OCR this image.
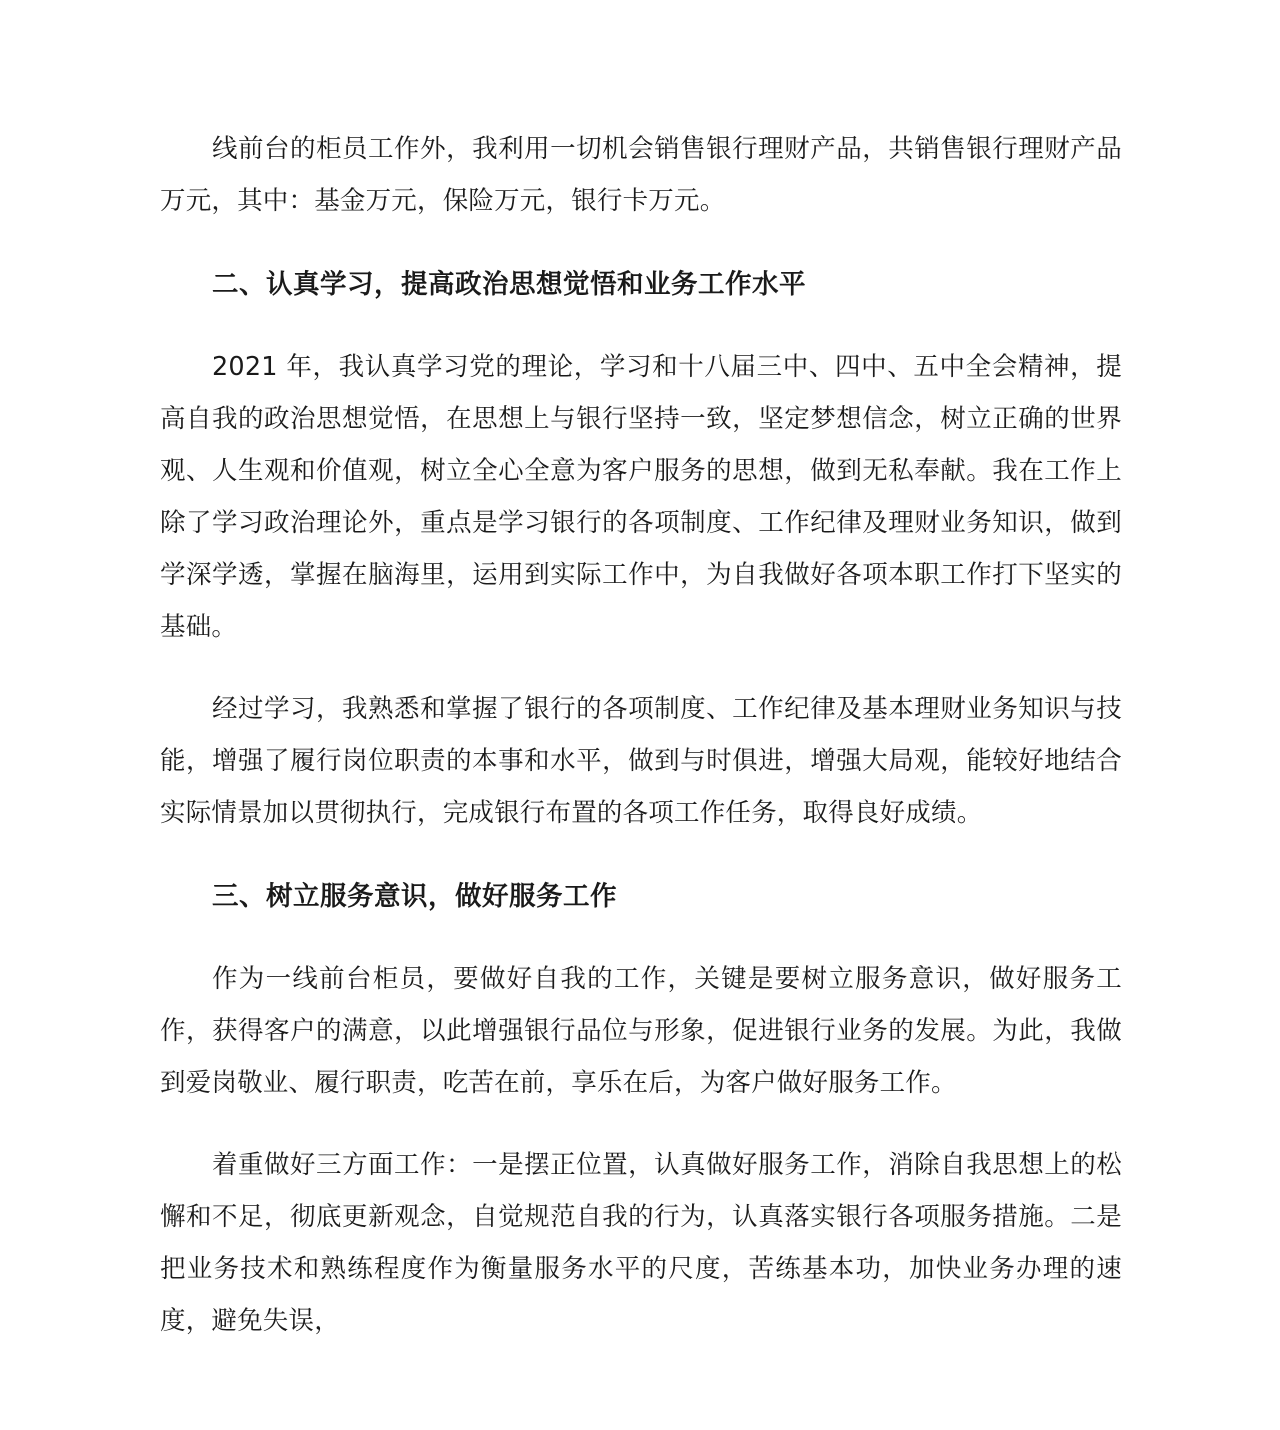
线前台的柜员工作外，我利用一切机会销售银行理财产品，共销售银行理财产品万元，其中：基金万元，保险万元，银行卡万元。

二、认真学习，提高政治思想觉悟和业务工作水平

2021 年，我认真学习党的理论，学习和十八届三中、四中、五中全会精神，提高自我的政治思想觉悟，在思想上与银行坚持一致，坚定梦想信念，树立正确的世界观、人生观和价值观，树立全心全意为客户服务的思想，做到无私奉献。我在工作上除了学习政治理论外，重点是学习银行的各项制度、工作纪律及理财业务知识，做到学深学透，掌握在脑海里，运用到实际工作中，为自我做好各项本职工作打下坚实的基础。

经过学习，我熟悉和掌握了银行的各项制度、工作纪律及基本理财业务知识与技能，增强了履行岗位职责的本事和水平，做到与时俱进，增强大局观，能较好地结合实际情景加以贯彻执行，完成银行布置的各项工作任务，取得良好成绩。

三、树立服务意识，做好服务工作

作为一线前台柜员，要做好自我的工作，关键是要树立服务意识，做好服务工作，获得客户的满意，以此增强银行品位与形象，促进银行业务的发展。为此，我做到爱岗敬业、履行职责，吃苦在前，享乐在后，为客户做好服务工作。

着重做好三方面工作：一是摆正位置，认真做好服务工作，消除自我思想上的松懈和不足，彻底更新观念，自觉规范自我的行为，认真落实银行各项服务措施。二是把业务技术和熟练程度作为衡量服务水平的尺度，苦练基本功，加快业务办理的速度，避免失误，
